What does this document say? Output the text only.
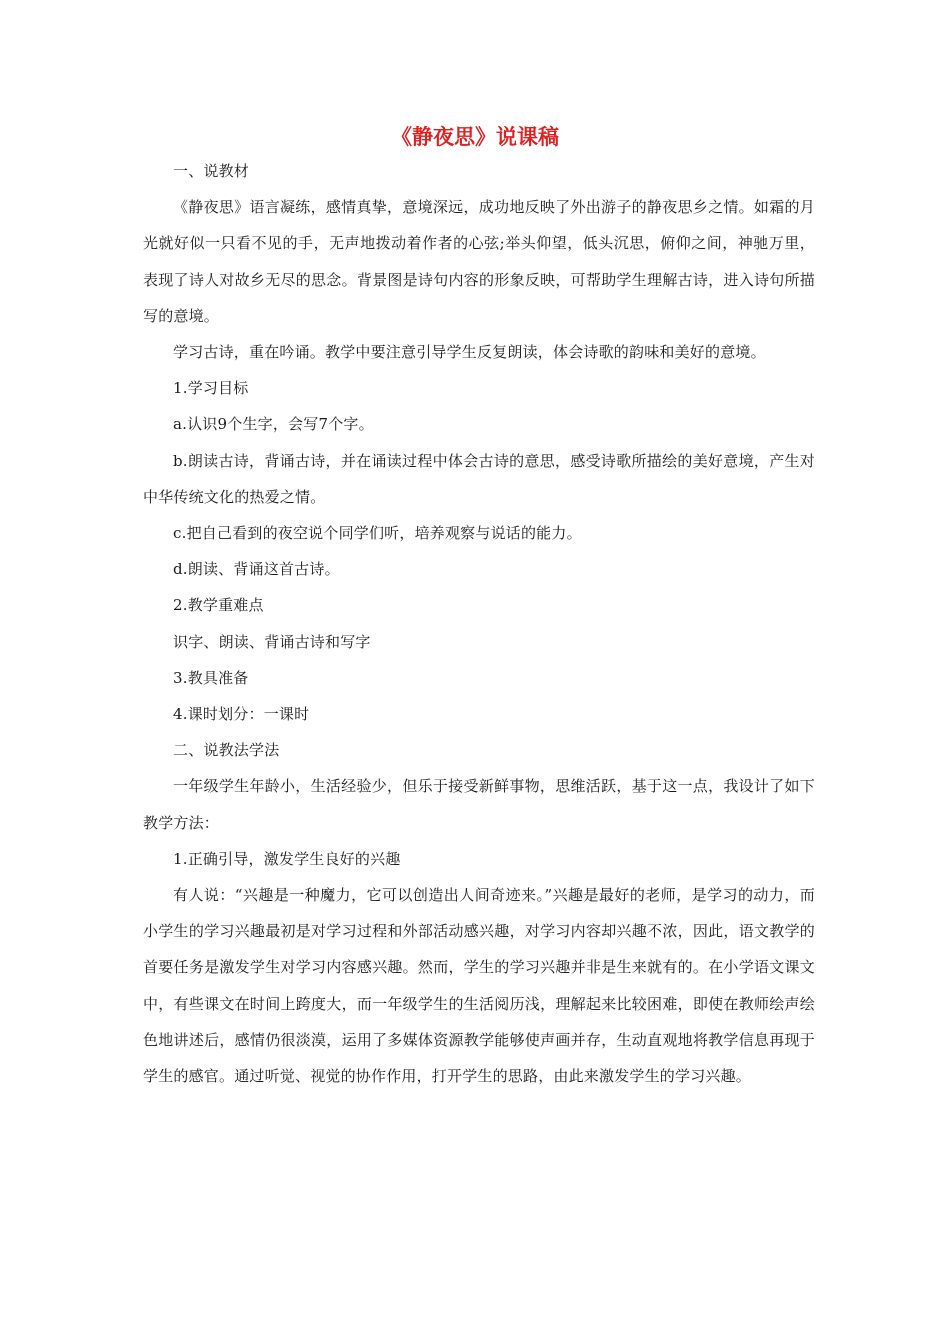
《静夜思》说课稿

一、说教材

《静夜思》语言凝练，感情真挚，意境深远，成功地反映了外出游子的静夜思乡之情。如霜的月光就好似一只看不见的手，无声地拨动着作者的心弦;举头仰望，低头沉思，俯仰之间，神驰万里，表现了诗人对故乡无尽的思念。背景图是诗句内容的形象反映，可帮助学生理解古诗，进入诗句所描写的意境。

学习古诗，重在吟诵。教学中要注意引导学生反复朗读，体会诗歌的韵味和美好的意境。

1.学习目标

a.认识9个生字，会写7个字。

b.朗读古诗，背诵古诗，并在诵读过程中体会古诗的意思，感受诗歌所描绘的美好意境，产生对中华传统文化的热爱之情。

c.把自己看到的夜空说个同学们听，培养观察与说话的能力。

d.朗读、背诵这首古诗。

2.教学重难点

识字、朗读、背诵古诗和写字

3.教具准备

4.课时划分：一课时

二、说教法学法

一年级学生年龄小，生活经验少，但乐于接受新鲜事物，思维活跃，基于这一点，我设计了如下教学方法：

1.正确引导，激发学生良好的兴趣

有人说：“兴趣是一种魔力，它可以创造出人间奇迹来。”兴趣是最好的老师，是学习的动力，而小学生的学习兴趣最初是对学习过程和外部活动感兴趣，对学习内容却兴趣不浓，因此，语文教学的首要任务是激发学生对学习内容感兴趣。然而，学生的学习兴趣并非是生来就有的。在小学语文课文中，有些课文在时间上跨度大，而一年级学生的生活阅历浅，理解起来比较困难，即使在教师绘声绘色地讲述后，感情仍很淡漠，运用了多媒体资源教学能够使声画并存，生动直观地将教学信息再现于学生的感官。通过听觉、视觉的协作作用，打开学生的思路，由此来激发学生的学习兴趣。
